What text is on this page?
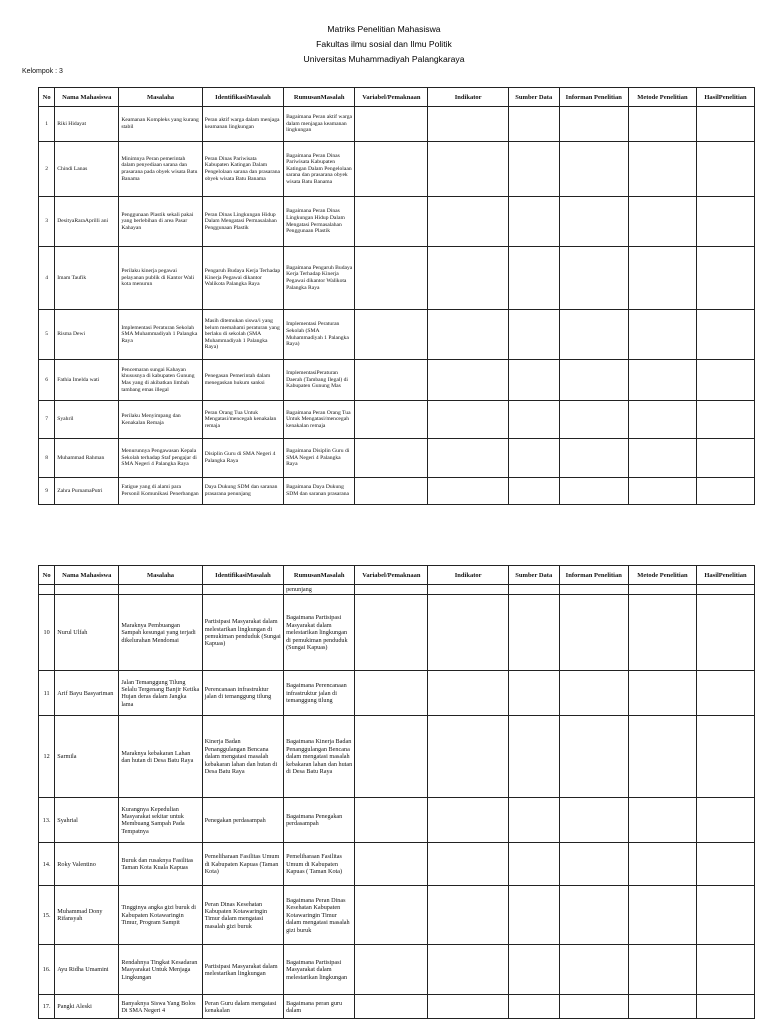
Matriks Penelitian Mahasiswa
Fakultas ilmu sosial dan Ilmu Politik
Universitas Muhammadiyah Palangkaraya
Kelompok : 3
No	Nama Mahasiswa	Masalaha	IdentifikasiMasalah	RumusanMasalah	Variabel/Pemaknaan	Indikator	Sumber Data	Informan Penelitian	Metode Penelitian	HasilPenelitian
1	Riki Hidayat	Keamanan Kompleks yang kurang stabil	Peran aktif warga dalam menjaga keamanan lingkungan	Bagaimana Peran aktif warga dalam menjagaa keamanan lingkungan						
2	Chindi Lanas	Minimnya Peran pemerintah dalam penyediaan sarana dan prasarana pada obyek wisata Batu Banama	Peran Dinas Pariwisata Kabupaten Katingan Dalam Pengelolaan sarana dan prasarana obyek wisata Batu Banama	Bagaimana Peran Dinas Pariwisata Kabupaten Katingan Dalam Pengelolaan sarana dan prasarana obyek wisata Batu Banama						
3	DesityaRaraAprilli ani	Penggunaan Plastik sekali pakai yang berlebihan di area Pasar Kahayan	Peran Dinas Lingkungan Hidup Dalam Mengatasi Permasalahan Penggunaan Plastik	Bagaimana Peran Dinas Lingkungan Hidup Dalam Mengatasi Permasalahan Penggunaan Plastik						
4	Imam Taufik	Perilaku kinerja pegawai pelayanan publik di Kantor Wali kota menurun	Pengaruh Budaya Kerja Terhadap Kinerja Pegawai dikantor Walikota Palangka Raya	Bagaimana Pengaruh Budaya Kerja Terhadap Kinerja Pegawai dikantor Walikota Palangka Raya						
5	Risma Dewi	Implementasi Peraturan Sekolah SMA Muhammadiyah 1 Palangka Raya	Masih ditemukan siswa/i yang belum memahami peraturan yang berlaku di sekolah (SMA Muhammadiyah 1 Palangka Raya)	Implementasi Peraturan Sekolah (SMA Muhammadiyah 1 Palangka Raya)						
6	Fathia Imelda wati	Pencemaran sungai Kahayan khususnya di kabupaten Gunung Mas yang di akibatkan limbah tambang emas illegal	Penegasan Pemerintah dalam menegaskan hukum sanksi	ImplementasiPeraturan Daerah (Tambang Ilegal) di Kabupaten Gunung Mas						
7	Syahril	Perilaku Menyimpang dan Kenakalan Remaja	Peran Orang Tua Untuk Mengatasi/mencegah kenakalan remaja	Bagaimana Peran Orang Tua Untuk Mengatasi/mencegah kenakalan remaja						
8	Muhammad Rahman	Menurunnya Pengawasan Kepala Sekolah terhadap Staf pengajar di SMA Negeri 4 Palangka Raya	Disiplin Guru di SMA Negeri 4 Palangka Raya	Bagaimana Disiplin Guru di SMA Negeri 4 Palangka Raya						
9	Zahra PurnamaPutri	Fatigue yang di alami para Personil Komunikasi Penerbangan	Daya Dukung SDM dan saranan prasarana penunjang	Bagaimana Daya Dukung SDM dan saranan prasarana						
No	Nama Mahasiswa	Masalaha	IdentifikasiMasalah	RumusanMasalah	Variabel/Pemaknaan	Indikator	Sumber Data	Informan Penelitian	Metode Penelitian	HasilPenelitian
				penunjang						
10	Nurul Ulfah	Maraknya Pembuangan Sampah kesungai yang terjadi dikelurahan Mendomai	Partisipasi Masyarakat dalam melestarikan lingkungan di pemukiman penduduk (Sungai Kapuas)	Bagaimana Partisipasi Masyarakat dalam melestarikan lingkungan di pemukiman penduduk (Sungai Kapuas)						
11	Arif Bayu Basyariman	Jalan Temanggung Tilung Selalu Tergenang Banjir Ketika Hujan deras dalam Jangka lama	Perencanaan infrastruktur jalan di temanggung tilung	Bagaimana Perencanaan infrastruktur jalan di temanggung tilung						
12	Sarmila	Maraknya kebakaran Lahan dan hutan di Desa Batu Raya	Kinerja Badan Penanggulangan Bencana dalam mengatasi masalah kebakaran lahan dan hutan di Desa Batu Raya	Bagaimana Kinerja Badan Penanggulangan Bencana dalam mengatasi masalah kebakaran lahan dan hutan di Desa Batu Raya						
13.	Syahrial	Kurangnya Kepedulian Masyarakat sekitar untuk Membuang Sampah Pada Tempatnya	Penegakan perdasampah	Bagaimana Penegakan perdasampah						
14.	Roky Valentino	Buruk dan rusaknya Fasilitas Taman Kota Kuala Kapuas	Pemeliharaan Fasilitas Umum di Kabupaten Kapuas (Taman Kota)	Pemeliharaan Fasilitas Umum di Kabupaten Kapuas ( Taman Kota)						
15.	Muhammad Dony Rifansyah	Tingginya angka gizi buruk di Kabupaten Kotawaringin Timur, Program Sampit	Peran Dinas Kesehatan Kabupaten Kotawaringin Timur dalam mengatasi masalah gizi buruk	Bagaimana Peran Dinas Kesehatan Kabupaten Kotawaringin Timur dalam mengatasi masalah gizi buruk						
16.	Ayu Ridha Umamini	Rendahnya Tingkat Kesadaran Masyarakat Untuk Menjaga Lingkungan	Partisipasi Masyarakat dalam melestarikan lingkungan	Bagaimana Partisipasi Masyarakat dalam melestarikan lingkungan						
17.	Pangki Aleski	Banyaknya Siswa Yang Bolos Di SMA Negeri 4	Peran Guru dalam mengatasi kenakalan	Bagaimana peran guru dalam						
